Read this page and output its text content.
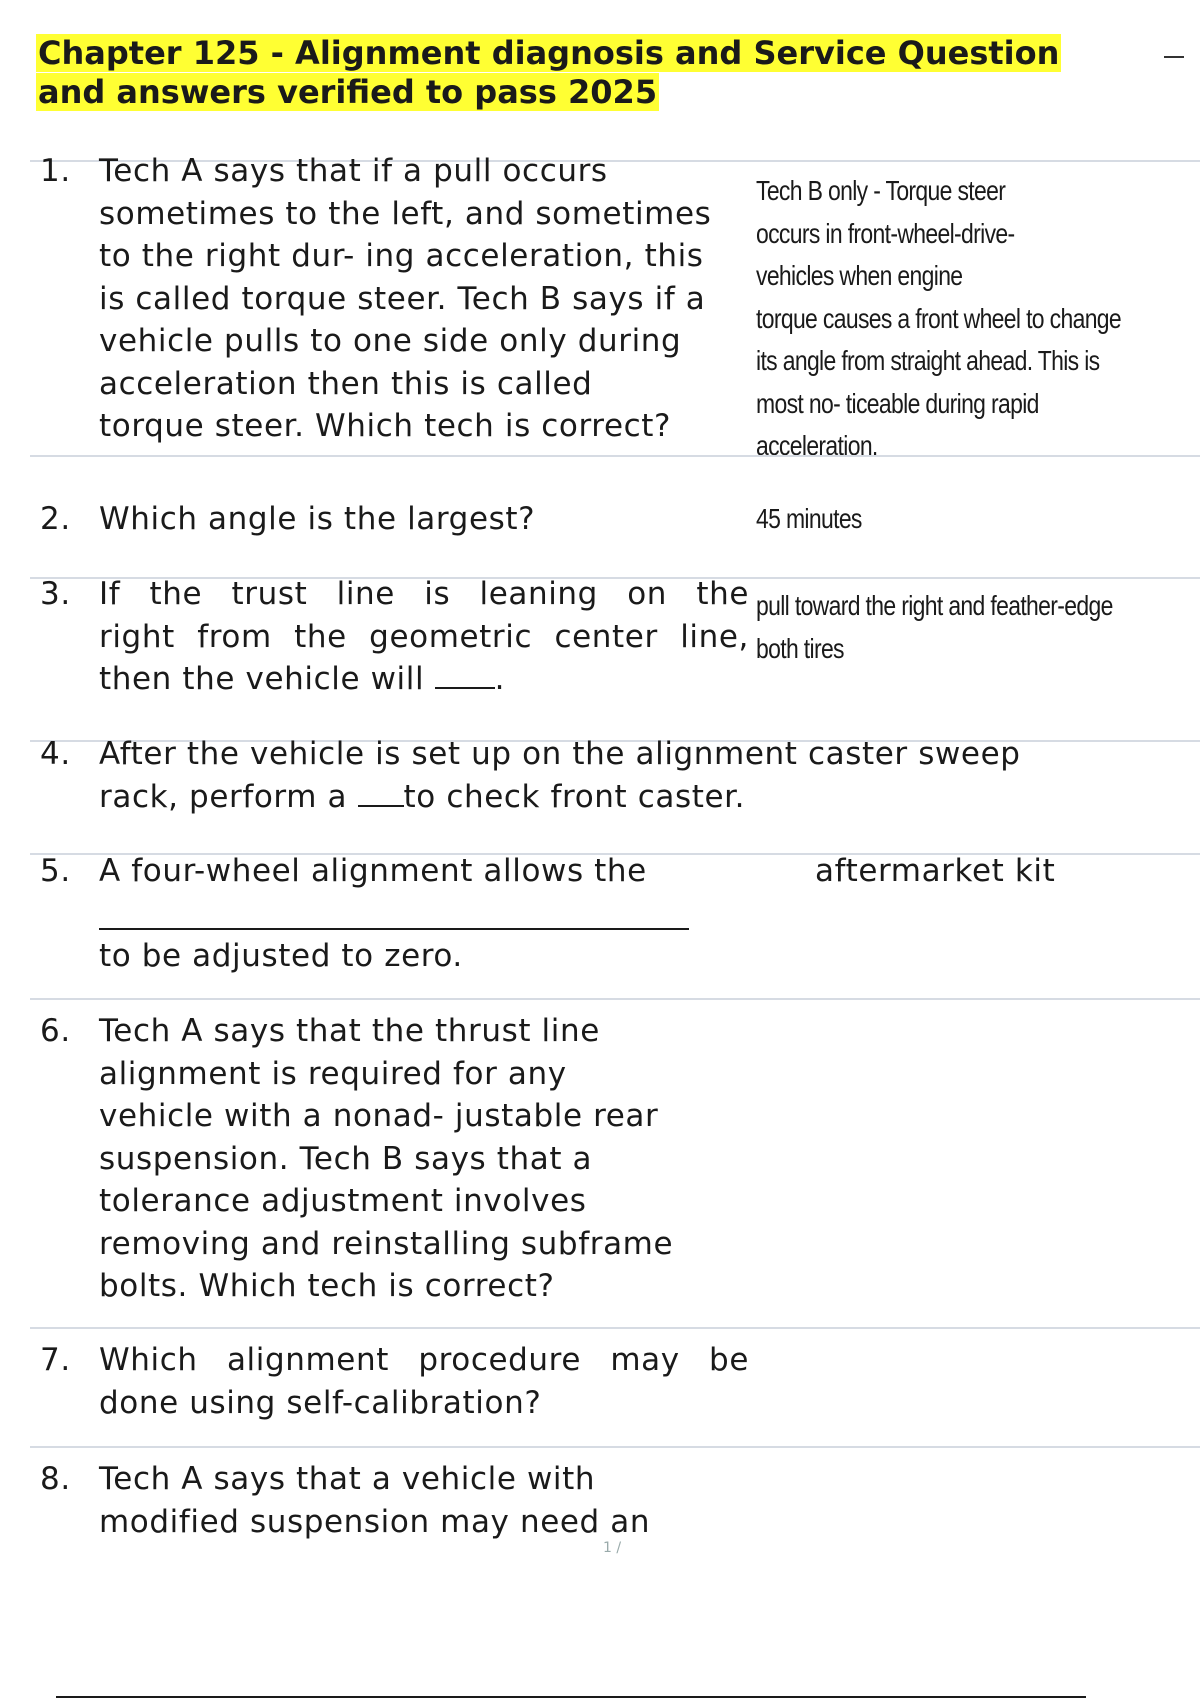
Chapter 125 - Alignment diagnosis and Service Question
and answers verified to pass 2025
1. Tech A says that if a pull occurs
sometimes to the left, and sometimes
to the right dur- ing acceleration, this
is called torque steer. Tech B says if a
vehicle pulls to one side only during
acceleration then this is called
torque steer. Which tech is correct?
Tech B only - Torque steer
occurs in front-wheel-drive-
vehicles when engine
torque causes a front wheel to change
its angle from straight ahead. This is
most no- ticeable during rapid
acceleration.
2. Which angle is the largest?	45 minutes
3. If the trust line is leaning on the
right from the geometric center line,
then the vehicle will .
pull toward the right and feather-edge
both tires
4. After the vehicle is set up on the alignment caster sweep
rack, perform a to check front caster.
5. A four-wheel alignment allows the
to be adjusted to zero.
aftermarket kit
6. Tech A says that the thrust line
alignment is required for any
vehicle with a nonad- justable rear
suspension. Tech B says that a
tolerance adjustment involves
removing and reinstalling subframe
bolts. Which tech is correct?
7. Which alignment procedure may be
done using self-calibration?
8. Tech A says that a vehicle with
modified suspension may need an
1 /
